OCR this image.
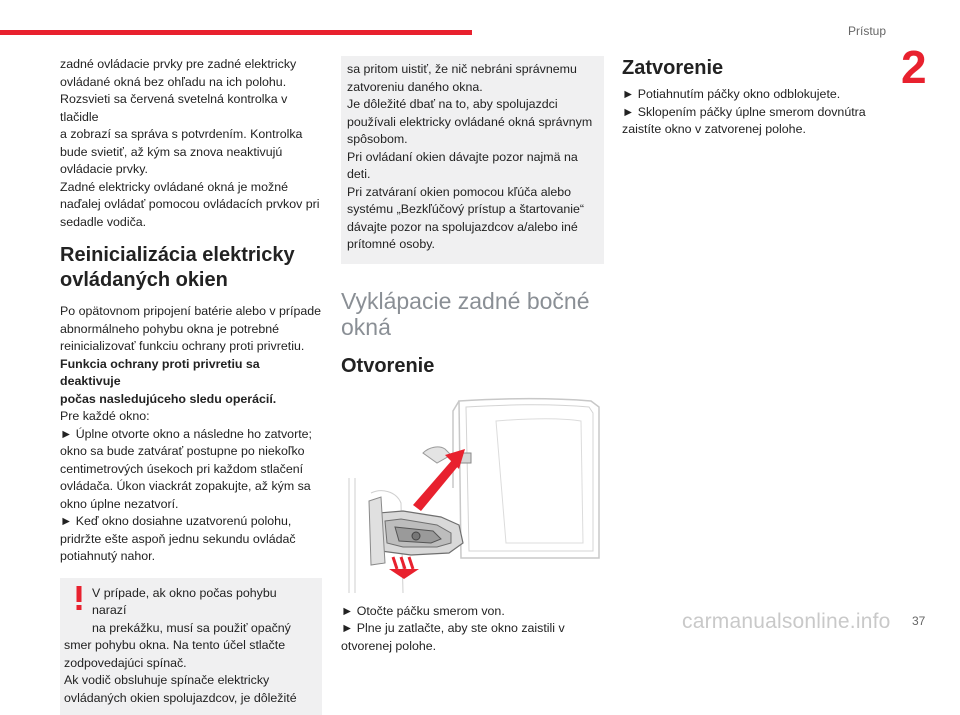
Prístup
2
37
carmanualsonline.info

zadné ovládacie prvky pre zadné elektricky

ovládané okná bez ohľadu na ich polohu.

Rozsvieti sa červená svetelná kontrolka v tlačidle

a zobrazí sa správa s potvrdením. Kontrolka

bude svietiť, až kým sa znova neaktivujú

ovládacie prvky.

Zadné elektricky ovládané okná je možné

naďalej ovládať pomocou ovládacích prvkov pri

sedadle vodiča.

Reinicializácia elektricky
ovládaných okien

Po opätovnom pripojení batérie alebo v prípade

abnormálneho pohybu okna je potrebné

reinicializovať funkciu ochrany proti privretiu.

Funkcia ochrany proti privretiu sa deaktivuje

počas nasledujúceho sledu operácií.

Pre každé okno:

► Úplne otvorte okno a následne ho zatvorte;

okno sa bude zatvárať postupne po niekoľko

centimetrových úsekoch pri každom stlačení

ovládača. Úkon viackrát zopakujte, až kým sa

okno úplne nezatvorí.

► Keď okno dosiahne uzatvorenú polohu,

pridržte ešte aspoň jednu sekundu ovládač

potiahnutý nahor.

V prípade, ak okno počas pohybu narazí

na prekážku, musí sa použiť opačný

smer pohybu okna. Na tento účel stlačte

zodpovedajúci spínač.

Ak vodič obsluhuje spínače elektricky

ovládaných okien spolujazdcov, je dôležité

sa pritom uistiť, že nič nebráni správnemu

zatvoreniu daného okna.

Je dôležité dbať na to, aby spolujazdci

používali elektricky ovládané okná správnym

spôsobom.

Pri ovládaní okien dávajte pozor najmä na

deti.

Pri zatváraní okien pomocou kľúča alebo

systému „Bezkľúčový prístup a štartovanie“

dávajte pozor na spolujazdcov a/alebo iné

prítomné osoby.

Vyklápacie zadné bočné
okná
Otvorenie

► Otočte páčku smerom von.

► Plne ju zatlačte, aby ste okno zaistili v

otvorenej polohe.

Zatvorenie

► Potiahnutím páčky okno odblokujete.

► Sklopením páčky úplne smerom dovnútra

zaistíte okno v zatvorenej polohe.
